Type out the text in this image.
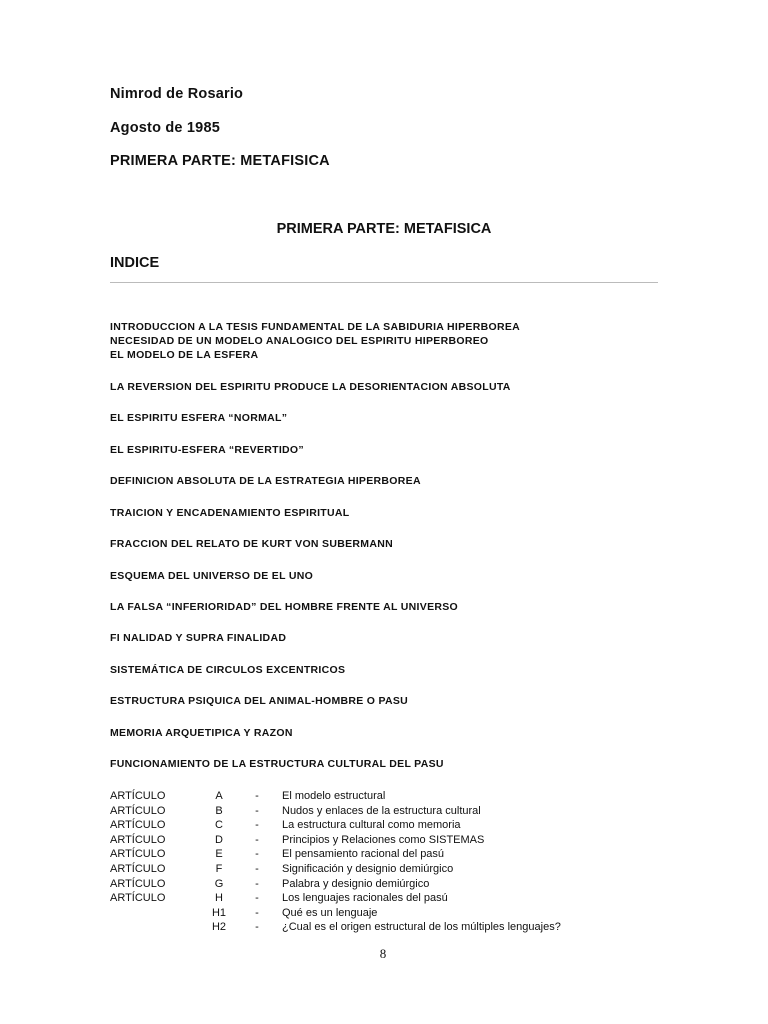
Nimrod de Rosario
Agosto de 1985
PRIMERA PARTE: METAFISICA
PRIMERA PARTE: METAFISICA
INDICE
INTRODUCCION A LA TESIS FUNDAMENTAL DE LA SABIDURIA HIPERBOREA
NECESIDAD DE UN MODELO ANALOGICO DEL ESPIRITU HIPERBOREO
EL MODELO DE LA ESFERA
LA REVERSION DEL ESPIRITU PRODUCE LA DESORIENTACION ABSOLUTA
EL ESPIRITU ESFERA “NORMAL”
EL ESPIRITU-ESFERA “REVERTIDO”
DEFINICION ABSOLUTA DE LA ESTRATEGIA HIPERBOREA
TRAICION Y ENCADENAMIENTO ESPIRITUAL
FRACCION DEL RELATO DE KURT VON SUBERMANN
ESQUEMA DEL UNIVERSO DE EL UNO
LA FALSA “INFERIORIDAD” DEL HOMBRE FRENTE AL UNIVERSO
FI NALIDAD Y SUPRA FINALIDAD
SISTEMÁTICA DE CIRCULOS EXCENTRICOS
ESTRUCTURA PSIQUICA DEL ANIMAL-HOMBRE O PASU
MEMORIA ARQUETIPICA Y RAZON
FUNCIONAMIENTO DE LA ESTRUCTURA CULTURAL DEL PASU
ARTÍCULO	A	-	El modelo estructural
ARTÍCULO	B	-	Nudos y enlaces de la estructura cultural
ARTÍCULO	C	-	La estructura cultural como memoria
ARTÍCULO	D	-	Principios y Relaciones como SISTEMAS
ARTÍCULO	E	-	El pensamiento racional del pasú
ARTÍCULO	F	-	Significación y designio demiúrgico
ARTÍCULO	G	-	Palabra y designio demiúrgico
ARTÍCULO	H	-	Los lenguajes racionales del pasú
	H1	-	Qué es un lenguaje
	H2	-	¿Cual es el origen estructural de los múltiples lenguajes?
8
